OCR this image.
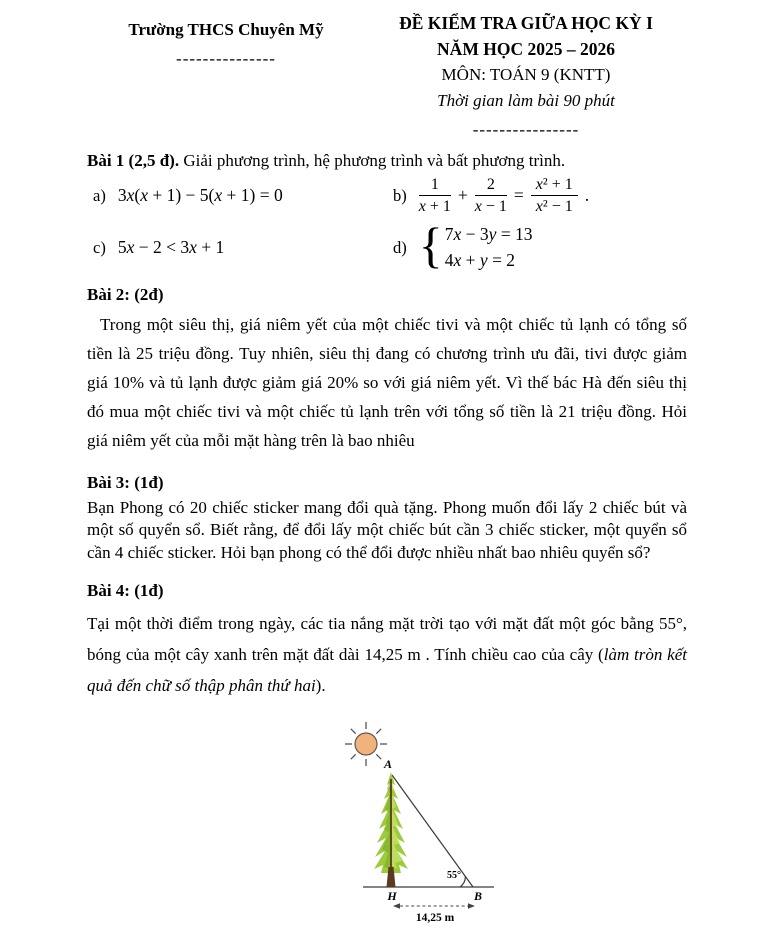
Trường THCS Chuyên Mỹ
---------------
ĐỀ KIỂM TRA GIỮA HỌC KỲ I
NĂM HỌC 2025 – 2026
MÔN: TOÁN 9 (KNTT)
Thời gian làm bài 90 phút
----------------

Bài 1 (2,5 đ). Giải phương trình, hệ phương trình và bất phương trình.

a) 3x(x + 1) − 5(x + 1) = 0	$b) \frac{1}{x + 1} + \frac{2}{x - 1} = \frac{\text{x² + 1}}{\text{x² − 1}}$ .
c) 5x − 2 < 3x + 1	d) { 7x − 3y = 13
4x + y = 2
Bài 2: (2đ)

Trong một siêu thị, giá niêm yết của một chiếc tivi và một chiếc tủ lạnh có tổng số tiền là 25 triệu đồng. Tuy nhiên, siêu thị đang có chương trình ưu đãi, tivi được giảm giá 10% và tủ lạnh được giảm giá 20% so với giá niêm yết. Vì thế bác Hà đến siêu thị đó mua một chiếc tivi và một chiếc tủ lạnh trên với tổng số tiền là 21 triệu đồng. Hỏi giá niêm yết của mỗi mặt hàng trên là bao nhiêu

Bài 3: (1đ)

Bạn Phong có 20 chiếc sticker mang đổi quà tặng. Phong muốn đổi lấy 2 chiếc bút và một số quyển sổ. Biết rằng, để đổi lấy một chiếc bút cần 3 chiếc sticker, một quyển sổ cần 4 chiếc sticker. Hỏi bạn phong có thể đổi được nhiều nhất bao nhiêu quyển sổ?

Bài 4: (1đ)

Tại một thời điểm trong ngày, các tia nắng mặt trời tạo với mặt đất một góc bằng 55°, bóng của một cây xanh trên mặt đất dài 14,25 m . Tính chiều cao của cây (làm tròn kết quả đến chữ số thập phân thứ hai).

A
H	B
55°
14,25 m
